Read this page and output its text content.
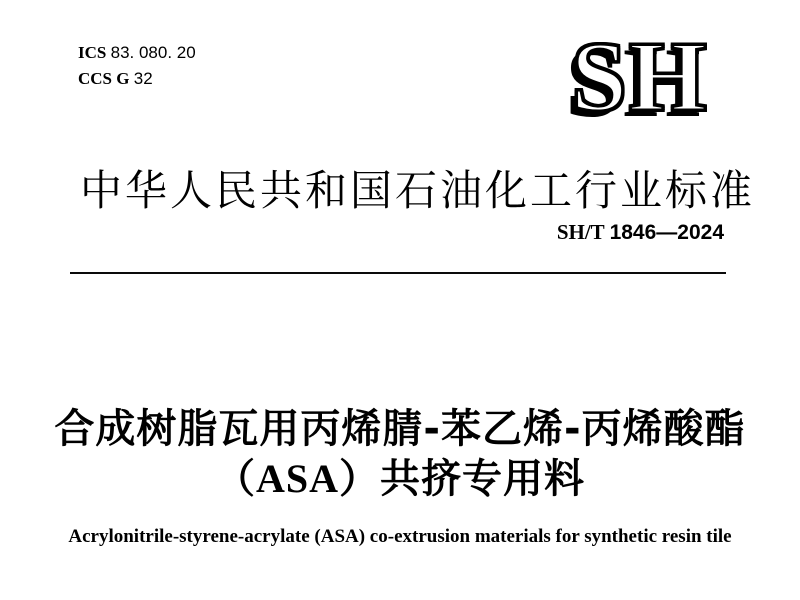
ICS 83. 080. 20
CCS G 32	SH
中华人民共和国石油化工行业标准
SH/T 1846—2024
合成树脂瓦用丙烯腈-苯乙烯-丙烯酸酯
（ASA）共挤专用料
Acrylonitrile-styrene-acrylate (ASA) co-extrusion materials for synthetic resin tile
